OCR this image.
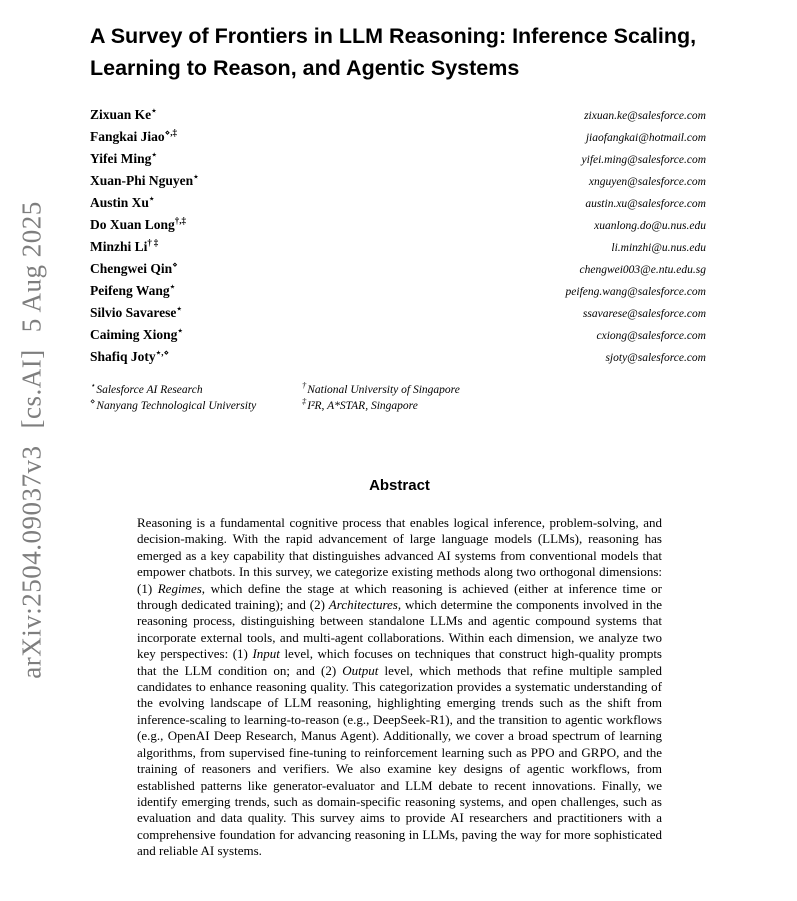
arXiv:2504.09037v3
[cs.AI]
5 Aug 2025
A Survey of Frontiers in LLM Reasoning: Inference Scaling, Learning to Reason, and Agentic Systems
Zixuan Ke⋆	zixuan.ke@salesforce.com
Fangkai Jiao⋄,‡	jiaofangkai@hotmail.com
Yifei Ming⋆	yifei.ming@salesforce.com
Xuan-Phi Nguyen⋆	xnguyen@salesforce.com
Austin Xu⋆	austin.xu@salesforce.com
Do Xuan Long†,‡	xuanlong.do@u.nus.edu
Minzhi Li† ‡	li.minzhi@u.nus.edu
Chengwei Qin⋄	chengwei003@e.ntu.edu.sg
Peifeng Wang⋆	peifeng.wang@salesforce.com
Silvio Savarese⋆	ssavarese@salesforce.com
Caiming Xiong⋆	cxiong@salesforce.com
Shafiq Joty⋆,⋄	sjoty@salesforce.com
⋆Salesforce AI Research	†National University of Singapore
⋄Nanyang Technological University	‡I²R, A*STAR, Singapore
Abstract

Reasoning is a fundamental cognitive process that enables logical inference, problem-solving, and decision-making. With the rapid advancement of large language models (LLMs), reasoning has emerged as a key capability that distinguishes advanced AI systems from conventional models that empower chatbots. In this survey, we categorize existing methods along two orthogonal dimensions: (1) Regimes, which define the stage at which reasoning is achieved (either at inference time or through dedicated training); and (2) Architectures, which determine the components involved in the reasoning process, distinguishing between standalone LLMs and agentic compound systems that incorporate external tools, and multi-agent collaborations. Within each dimension, we analyze two key perspectives: (1) Input level, which focuses on techniques that construct high-quality prompts that the LLM condition on; and (2) Output level, which methods that refine multiple sampled candidates to enhance reasoning quality. This categorization provides a systematic understanding of the evolving landscape of LLM reasoning, highlighting emerging trends such as the shift from inference-scaling to learning-to-reason (e.g., DeepSeek-R1), and the transition to agentic workflows (e.g., OpenAI Deep Research, Manus Agent). Additionally, we cover a broad spectrum of learning algorithms, from supervised fine-tuning to reinforcement learning such as PPO and GRPO, and the training of reasoners and verifiers. We also examine key designs of agentic workflows, from established patterns like generator-evaluator and LLM debate to recent innovations. Finally, we identify emerging trends, such as domain-specific reasoning systems, and open challenges, such as evaluation and data quality. This survey aims to provide AI researchers and practitioners with a comprehensive foundation for advancing reasoning in LLMs, paving the way for more sophisticated and reliable AI systems.
